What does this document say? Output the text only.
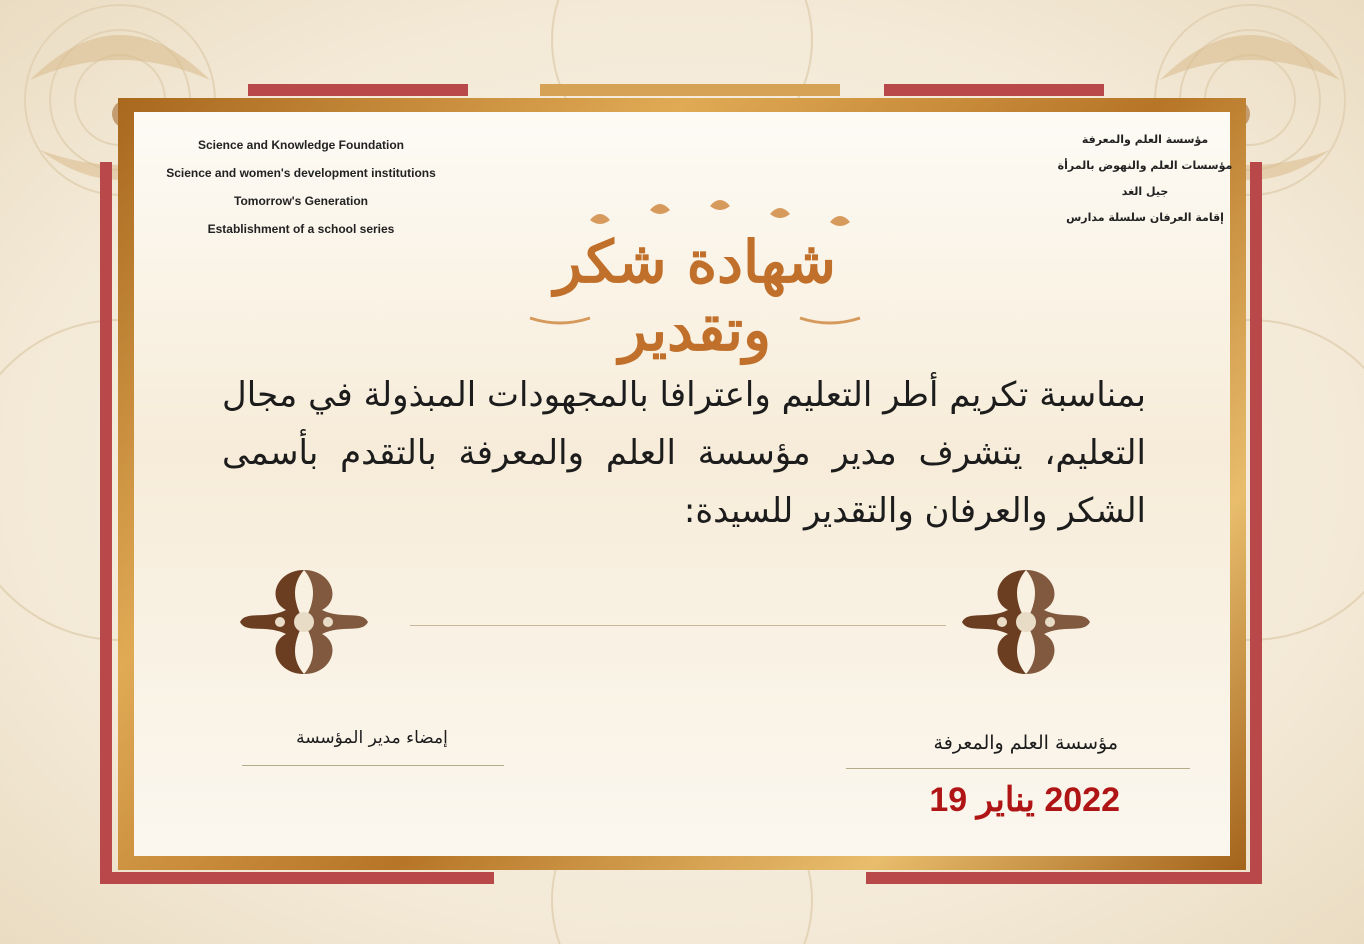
Science and Knowledge Foundation
Science and women's development institutions
Tomorrow's Generation
Establishment of a school series
مؤسسة العلم والمعرفة
مؤسسات العلم والنهوض بالمرأة
جيل الغد
إقامة العرفان سلسلة مدارس
شهادة شكر وتقدير
بمناسبة تكريم أطر التعليم واعترافا بالمجهودات المبذولة في مجال التعليم، يتشرف مدير مؤسسة العلم والمعرفة بالتقدم بأسمى الشكر والعرفان والتقدير للسيدة:
إمضاء مدير المؤسسة	مؤسسة العلم والمعرفة
19 يناير 2022
